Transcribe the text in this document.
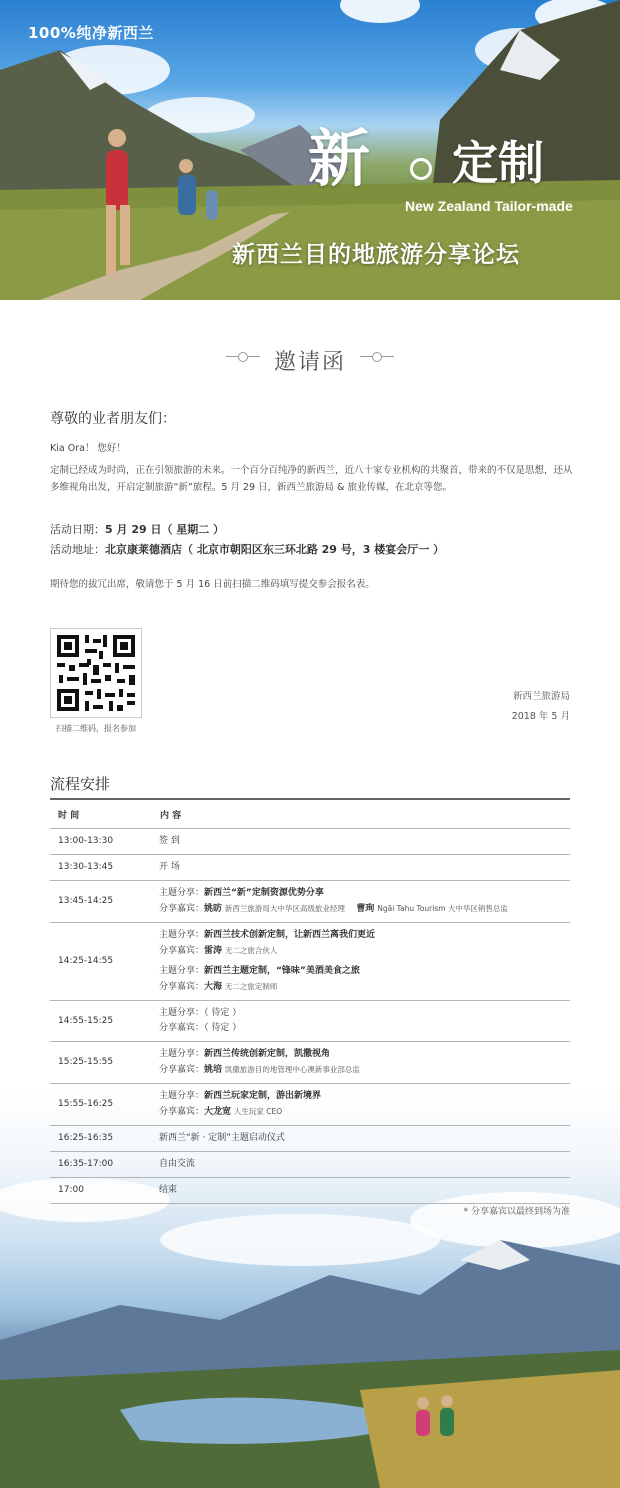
100%纯净新西兰
新 定制
New Zealand Tailor-made
新西兰目的地旅游分享论坛
邀请函
尊敬的业者朋友们：
Kia Ora！ 您好！
定制已经成为时尚，正在引领旅游的未来。一个百分百纯净的新西兰，近八十家专业机构的共聚首，带来的不仅是思想，还从多维视角出发，开启定制旅游“新”旅程。5 月 29 日，新西兰旅游局 & 旅业传媒，在北京等您。
活动日期：5 月 29 日（ 星期二 ）
活动地址：北京康莱德酒店（ 北京市朝阳区东三环北路 29 号，3 楼宴会厅一 ）
期待您的拔冗出席，敬请您于 5 月 16 日前扫描二维码填写提交参会报名表。
扫描二维码，报名参加
新西兰旅游局
2018 年 5 月
流程安排
时 间	内 容
13:00-13:30	签 到
13:30-13:45	开 场
13:45-14:25	主题分享：新西兰“新”定制资源优势分享
分享嘉宾：姚昉 新西兰旅游局大中华区高级旅业经理 曹珣 Ngāi Tahu Tourism 大中华区销售总监

14:25-14:55	主题分享：新西兰技术创新定制，让新西兰离我们更近
分享嘉宾：雷涛 无二之旅合伙人
主题分享：新西兰主题定制，“锋味”美酒美食之旅
分享嘉宾：大海 无二之旅定制师

14:55-15:25	主题分享：（ 待定 ）
分享嘉宾：（ 待定 ）

15:25-15:55	主题分享：新西兰传统创新定制，凯撒视角
分享嘉宾：姚培 凯撒旅游目的地管理中心澳新事业部总监

15:55-16:25	主题分享：新西兰玩家定制，游出新境界
分享嘉宾：大龙宽 人生玩家 CEO

16:25-16:35	新西兰“新 · 定制”主题启动仪式
16:35-17:00	自由交流
17:00	结束
* 分享嘉宾以最终到场为准
